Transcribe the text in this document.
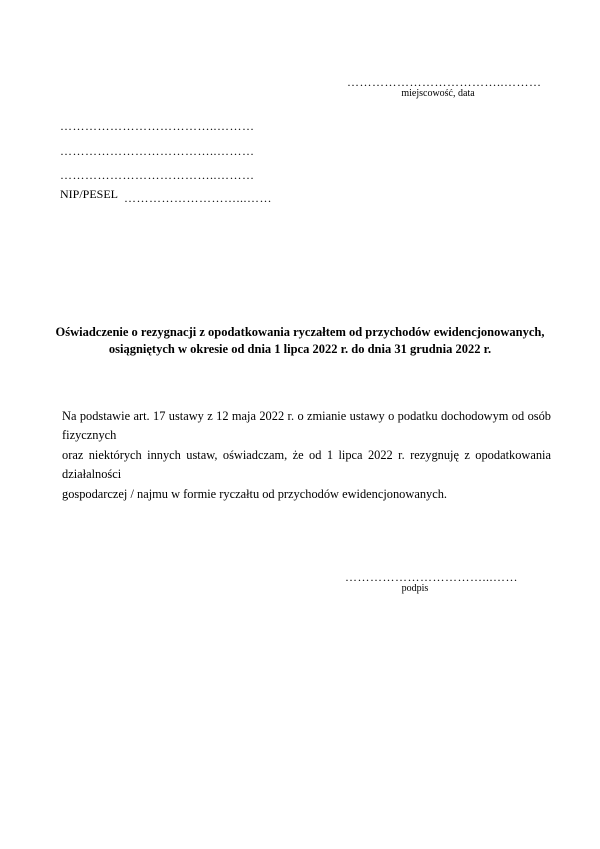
………………………………..………
miejscowość, data
………………………………..………
………………………………..………
………………………………..………
NIP/PESEL ………………………...……
Oświadczenie o rezygnacji z opodatkowania ryczałtem od przychodów ewidencjonowanych,
osiągniętych w okresie od dnia 1 lipca 2022 r. do dnia 31 grudnia 2022 r.
Na podstawie art. 17 ustawy z 12 maja 2022 r. o zmianie ustawy o podatku dochodowym od osób fizycznych
oraz niektórych innych ustaw, oświadczam, że od 1 lipca 2022 r. rezygnuję z opodatkowania działalności
gospodarczej / najmu w formie ryczałtu od przychodów ewidencjonowanych.
……………………………...……
podpis
